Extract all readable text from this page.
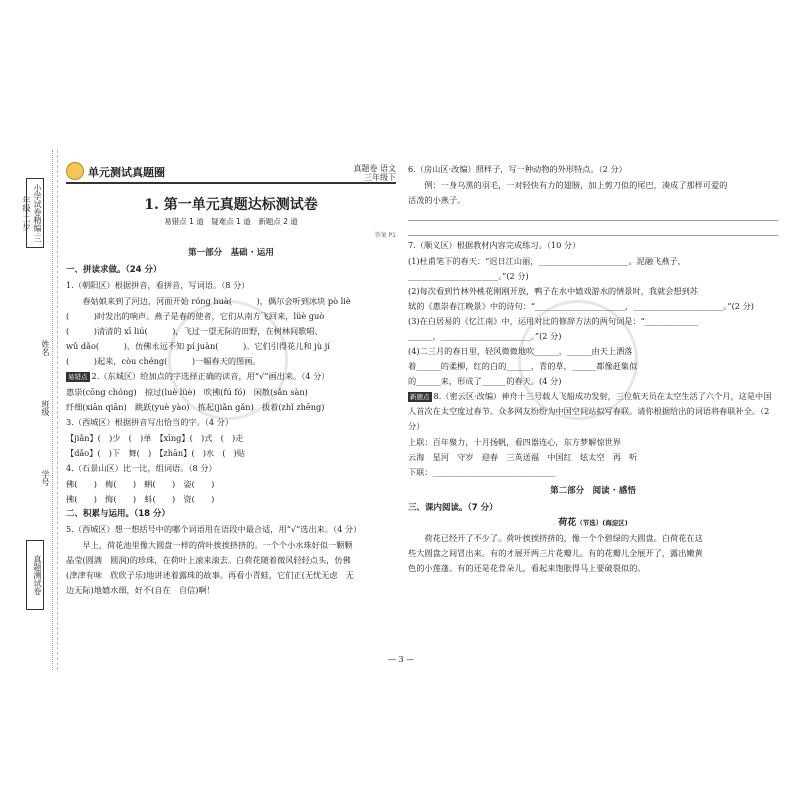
小学试卷精编·三年级·二步
姓名
班级
学号
真题测试卷
单元测试真题圈	真题卷 语文
三年级下
1. 第一单元真题达标测试卷
易错点 1 道　疑难点 1 道　新题点 2 道
答案 P1
第一部分　基础 · 运用
一、拼读求做。（24 分）
1.（朝阳区）根据拼音，看拼音，写词语。（8 分）
春姑娘来到了河边，河面开始 róng huà(　　　)，偶尔会听到冰块 pò liè
(　　　)时发出的响声。燕子是春的使者，它们从南方飞回来，lüè guò
(　　　)清清的 xī liú(　　　)，飞过一望无际的田野，在树林间歌唱、
wǔ dǎo(　　　)，仿佛永远不知 pí juàn(　　　)。它们引得花儿和 jù jí
(　　　)起来，còu chéng(　　　)一幅春天的图画。
易错点 2.（东城区）给加点的字选择正确的读音，用“√”画出来。（4 分）
惠崇(cōng chóng)　掠过(luè lüè)　吹拂(fú fó)　闲散(sǎn sàn)
纤细(xiān qiān)　跳跃(yuè yào)　拣起(jiǎn gǎn)　拔着(zhǐ zhēng)
3.（西城区）根据拼音写出恰当的字。（4 分）
【jiǎn】(　)少　(　)单　【xīng】(　)式　(　)走
【dǎo】(　)下　舞(　)　【zhān】(　)水　(　)贴
4.（石景山区）比一比，组词语。（8 分）
佛(　　)　梅(　　)　蝌(　　)　姿(　　)
拂(　　)　悔(　　)　蚪(　　)　资(　　)
二、积累与运用。（18 分）
5.（西城区）想一想括号中的哪个词语用在语段中最合适，用“√”选出来。（4 分）
早上，荷花池里像大圆盘一样的荷叶挨挨挤挤的。一个个小水珠好似一颗颗
晶莹(圆满　圆润)的珍珠，在荷叶上滚来滚去。白荷花随着微风轻轻点头，仿佛
(津津有味　欣欣子乐)地讲述着露珠的故事。再看小青蛙，它们正(无忧无虑　无
边无际)地嬉水细，好不(自在　自信)啊！
6.（房山区·改编）照样子，写一种动物的外形特点。（2 分）
例：一身乌黑的羽毛，一对轻快有力的翅膀，加上剪刀似的尾巴，凑成了那样可爱的
活泼的小燕子。
7.（顺义区）根据教材内容完成练习。（10 分）
(1)杜甫笔下的春天：“迟日江山丽，______________________。泥融飞燕子，
______________________。”(2 分)
(2)每次看到竹林外桃花刚刚开放，鸭子在水中嬉戏游水的情景时，我就会想到苏
轼的《惠崇春江晚景》中的诗句：“______________________，______________________。”(2 分)
(3)在白居易的《忆江南》中，运用对比的修辞方法的两句词是：“_____________
______，______________________。”(2 分)
(4)二三月的春日里，轻风微微地吹______，______由天上洒落
着______的柔柳，红的白的______，青的草，______都像赶集似
的______来，形成了______的春天。(4 分)
新题点 8.（密云区·改编）神舟十三号载人飞船成功发射，三位航天员在太空生活了六个月，这是中国人首次在太空度过春节。众多网友纷纷为中国空间站拟写春联。请你根据给出的词语将春联补全。（2 分）
上联：百年聚力，十月扬帆，看四器连心，东方梦解惊世界
云海　星河　守岁　迎春　三英送福　中国红　炫太空　再　听
下联：______________________________
第二部分　阅读 · 感悟
三、课内阅读。（7 分）
荷花（节选）(海淀区)
荷花已经开了不少了。荷叶挨挨挤挤的，像一个个碧绿的大圆盘。白荷花在这
些大圆盘之间冒出来。有的才展开两三片花瓣儿。有的花瓣儿全展开了，露出嫩黄
色的小莲蓬。有的还是花骨朵儿，看起来饱胀得马上要破裂似的。
— 3 —
